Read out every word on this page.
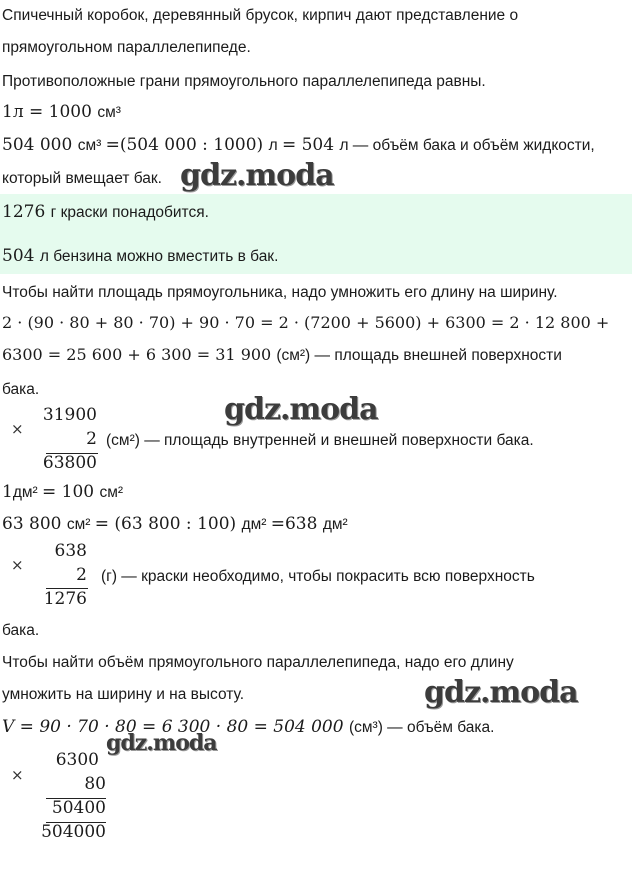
Спичечный коробок, деревянный брусок, кирпич дают представление о
прямоугольном параллелепипеде.
Противоположные грани прямоугольного параллелепипеда равны.
1л = 1000 см³
504 000 см³ =(504 000 : 1000) л = 504 л — объём бака и объём жидкости,
который вмещает бак.
1276 г краски понадобится.
504 л бензина можно вместить в бак.
Чтобы найти площадь прямоугольника, надо умножить его длину на ширину.
2 · (90 · 80 + 80 · 70) + 90 · 70 = 2 · (7200 + 5600) + 6300 = 2 · 12 800 +
6300 = 25 600 + 6 300 = 31 900 (см²) — площадь внешней поверхности
бака.
×
31900
2
63800
(см²) — площадь внутренней и внешней поверхности бака.
1дм² = 100 см²
63 800 см² = (63 800 : 100) дм² =638 дм²
×
638
2
1276
(г) — краски необходимо, чтобы покрасить всю поверхность
бака.
Чтобы найти объём прямоугольного параллелепипеда, надо его длину
умножить на ширину и на высоту.
V = 90 · 70 · 80 = 6 300 · 80 = 504 000 (см³) — объём бака.
×
6300
80
50400
504000
gdz.moda
gdz.moda
gdz.moda
gdz.moda
